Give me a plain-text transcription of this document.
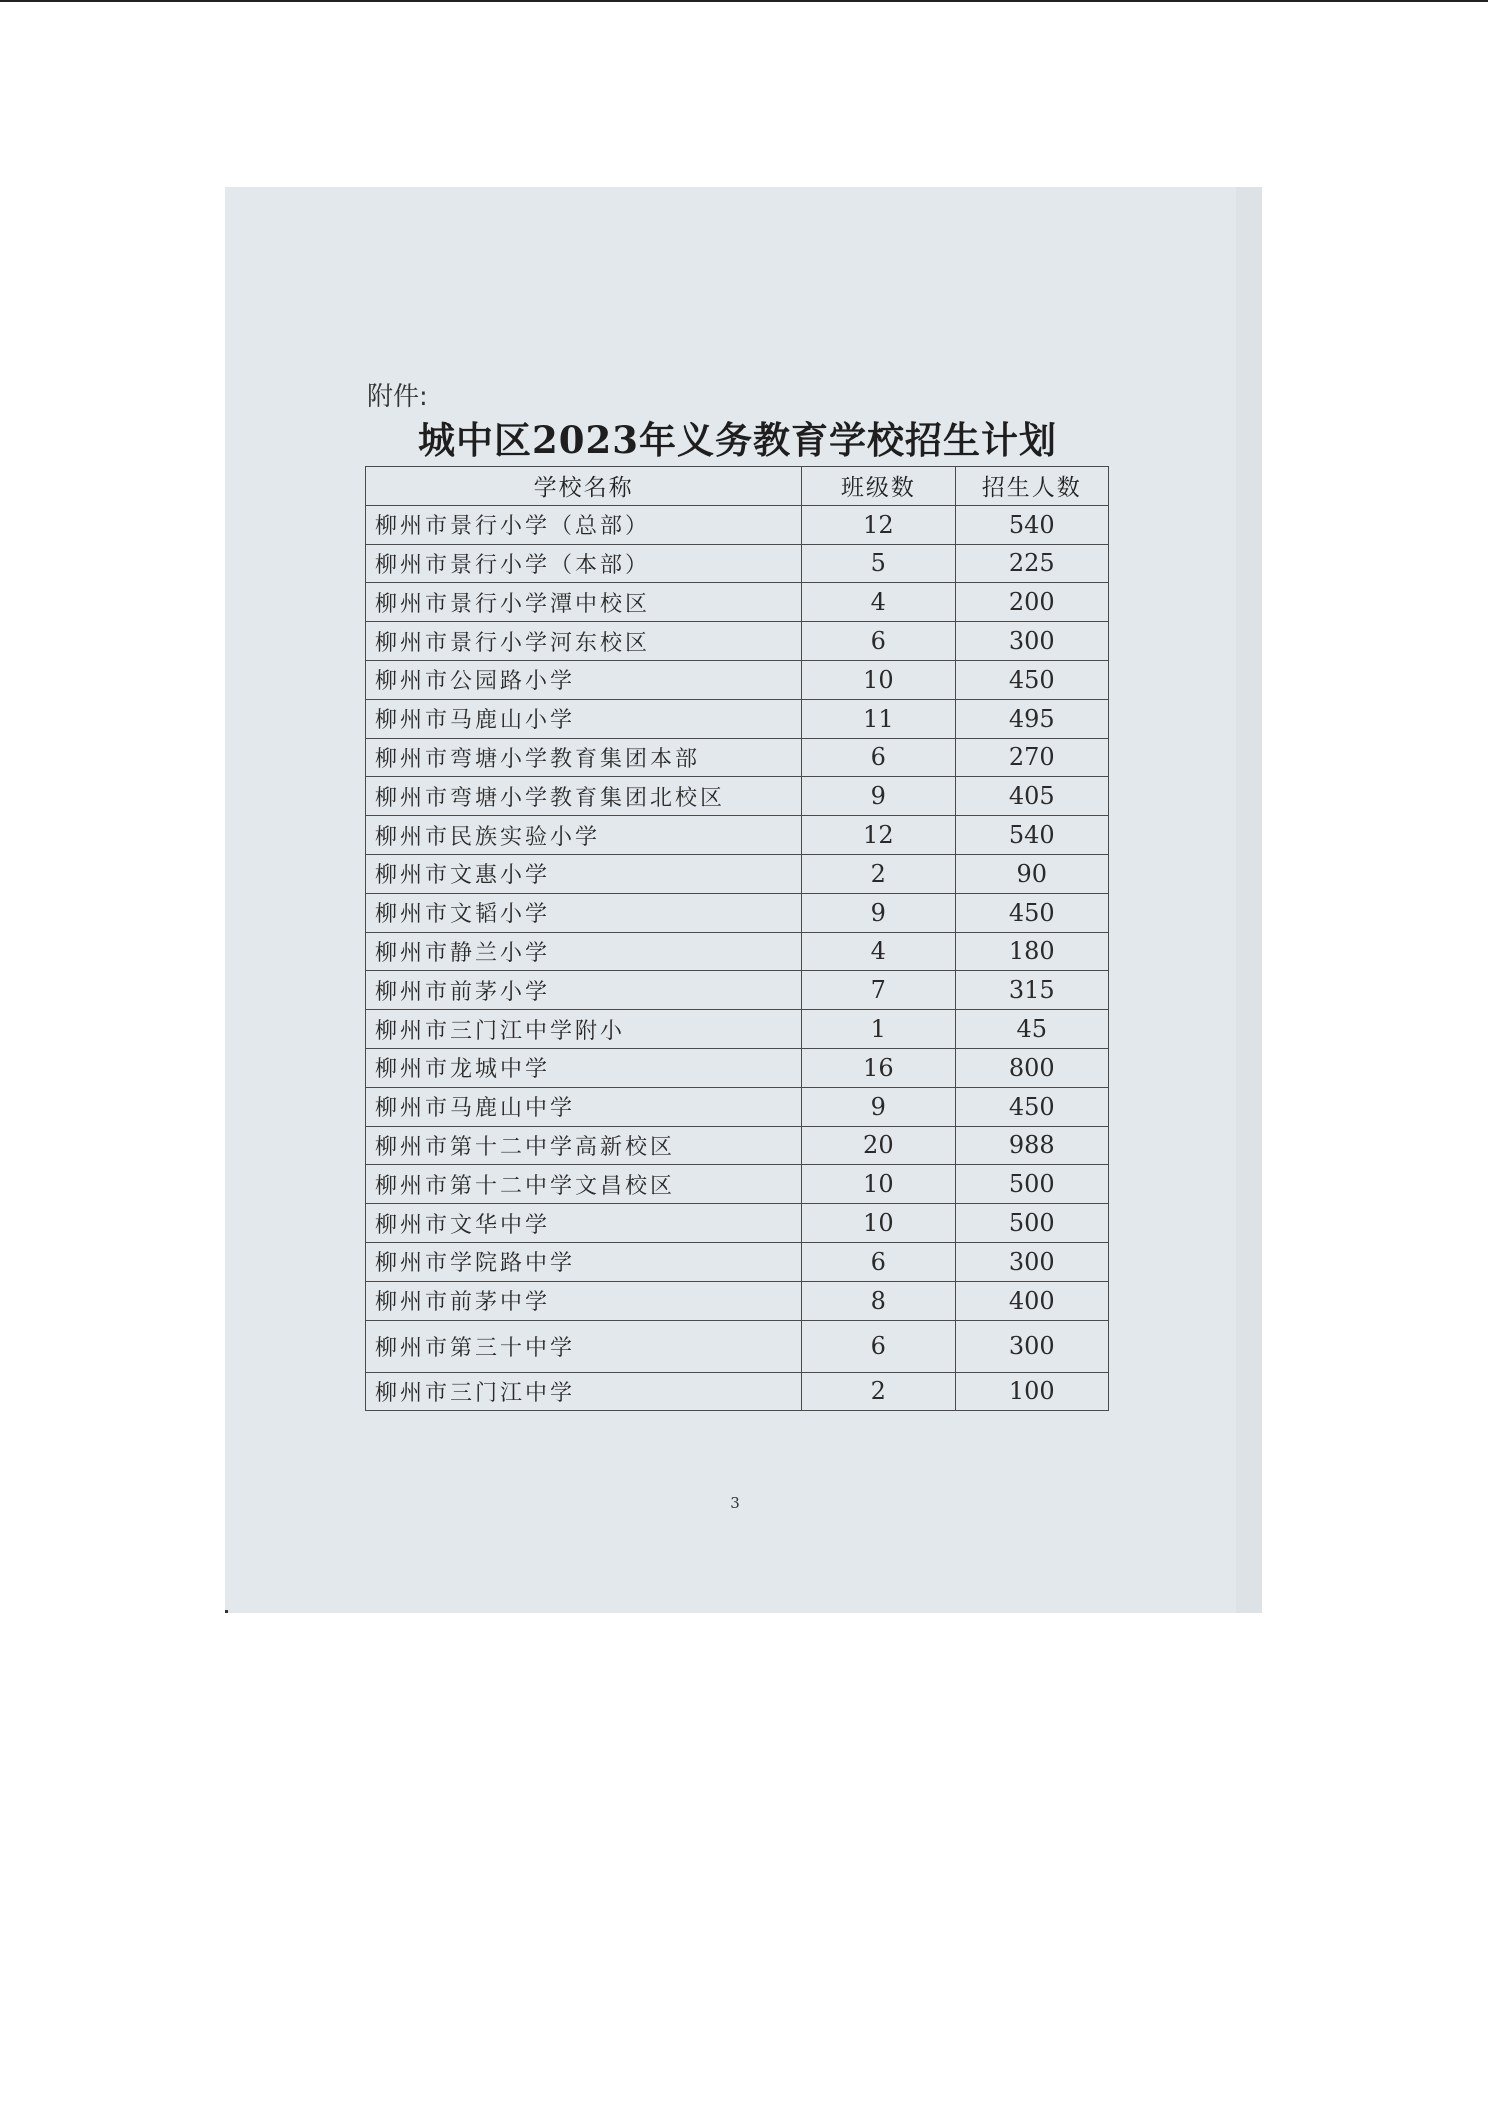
附件:
城中区2023年义务教育学校招生计划
学校名称	班级数	招生人数
柳州市景行小学（总部）	12	540
柳州市景行小学（本部）	5	225
柳州市景行小学潭中校区	4	200
柳州市景行小学河东校区	6	300
柳州市公园路小学	10	450
柳州市马鹿山小学	11	495
柳州市弯塘小学教育集团本部	6	270
柳州市弯塘小学教育集团北校区	9	405
柳州市民族实验小学	12	540
柳州市文惠小学	2	90
柳州市文韬小学	9	450
柳州市静兰小学	4	180
柳州市前茅小学	7	315
柳州市三门江中学附小	1	45
柳州市龙城中学	16	800
柳州市马鹿山中学	9	450
柳州市第十二中学高新校区	20	988
柳州市第十二中学文昌校区	10	500
柳州市文华中学	10	500
柳州市学院路中学	6	300
柳州市前茅中学	8	400
柳州市第三十中学	6	300
柳州市三门江中学	2	100
3
